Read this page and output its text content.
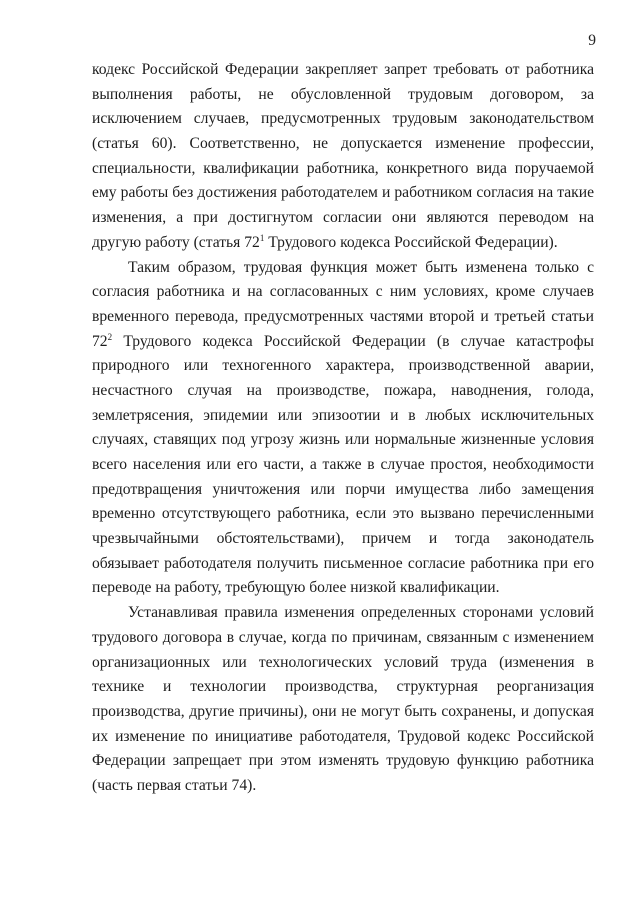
9
кодекс Российской Федерации закрепляет запрет требовать от работника
выполнения работы, не обусловленной трудовым договором, за
исключением случаев, предусмотренных трудовым законодательством
(статья 60). Соответственно, не допускается изменение профессии,
специальности, квалификации работника, конкретного вида поручаемой
ему работы без достижения работодателем и работником согласия на такие
изменения, а при достигнутом согласии они являются переводом на
другую работу (статья $72^1$ Трудового кодекса Российской Федерации).
Таким образом, трудовая функция может быть изменена только с
согласия работника и на согласованных с ним условиях, кроме случаев
временного перевода, предусмотренных частями второй и третьей статьи
$72^2$ Трудового кодекса Российской Федерации (в случае катастрофы
природного или техногенного характера, производственной аварии,
несчастного случая на производстве, пожара, наводнения, голода,
землетрясения, эпидемии или эпизоотии и в любых исключительных
случаях, ставящих под угрозу жизнь или нормальные жизненные условия
всего населения или его части, а также в случае простоя, необходимости
предотвращения уничтожения или порчи имущества либо замещения
временно отсутствующего работника, если это вызвано перечисленными
чрезвычайными обстоятельствами), причем и тогда законодатель
обязывает работодателя получить письменное согласие работника при его
переводе на работу, требующую более низкой квалификации.
Устанавливая правила изменения определенных сторонами условий
трудового договора в случае, когда по причинам, связанным с изменением
организационных или технологических условий труда (изменения в
технике и технологии производства, структурная реорганизация
производства, другие причины), они не могут быть сохранены, и допуская
их изменение по инициативе работодателя, Трудовой кодекс Российской
Федерации запрещает при этом изменять трудовую функцию работника
(часть первая статьи 74).
